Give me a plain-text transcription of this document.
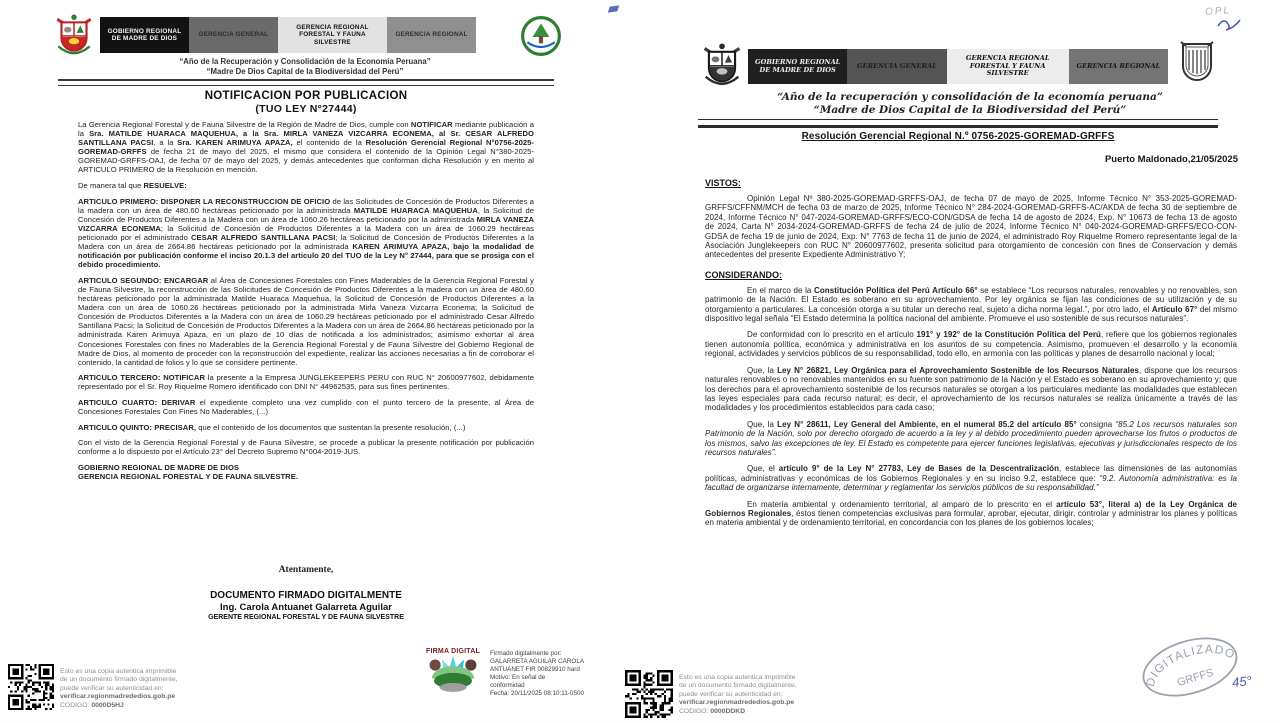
GOBIERNO REGIONAL DE MADRE DE DIOS
GERENCIA GENERAL
GERENCIA REGIONAL FORESTAL Y FAUNA SILVESTRE
GERENCIA REGIONAL
“Año de la Recuperación y Consolidación de la Economía Peruana”
“Madre De Dios Capital de la Biodiversidad del Perú”
NOTIFICACION POR PUBLICACION
(TUO LEY N°27444)

La Gerencia Regional Forestal y de Fauna Silvestre de la Región de Madre de Dios, cumple con NOTIFICAR mediante publicación a la Sra. MATILDE HUARACA MAQUEHUA, a la Sra. MIRLA VANEZA VIZCARRA ECONEMA, al Sr. CESAR ALFREDO SANTILLANA PACSI, a la Sra. KAREN ARIMUYA APAZA, el contenido de la Resolución Gerencial Regional N°0756-2025-GOREMAD-GRFFS de fecha 21 de mayo del 2025, el mismo que considera el contenido de la Opinión Legal N°380-2025-GOREMAD-GRFFS-OAJ, de fecha 07 de mayo del 2025, y demás antecedentes que conforman dicha Resolución y en merito al ARTICULO PRIMERO de la Resolución en mención.

De manera tal que RESUELVE:

ARTICULO PRIMERO: DISPONER LA RECONSTRUCCION DE OFICIO de las Solicitudes de Concesión de Productos Diferentes a la madera con un área de 480.60 hectáreas peticionado por la administrada MATILDE HUARACA MAQUEHUA, la Solicitud de Concesión de Productos Diferentes a la Madera con un área de 1060.26 hectáreas peticionado por la administrada MIRLA VANEZA VIZCARRA ECONEMA; la Solicitud de Concesión de Productos Diferentes a la Madera con un área de 1060.29 hectáreas peticionado por el administrado CESAR ALFREDO SANTILLANA PACSI; la Solicitud de Concesión de Productos Diferentes a la Madera con un área de 2664.86 hectáreas peticionado por la administrada KAREN ARIMUYA APAZA, bajo la modalidad de notificación por publicación conforme el inciso 20.1.3 del articulo 20 del TUO de la Ley N° 27444, para que se prosiga con el debido procedimiento.

ARTICULO SEGUNDO: ENCARGAR al Área de Concesiones Forestales con Fines Maderables de la Gerencia Regional Forestal y de Fauna Silvestre, la reconstrucción de las Solicitudes de Concesión de Productos Diferentes a la madera con un área de 480.60 hectáreas peticionado por la administrada Matilde Huaraca Maquehua, la Solicitud de Concesión de Productos Diferentes a la Madera con un área de 1060.26 hectáreas peticionado por la administrada Mirla Vaneza Vizcarra Econema; la Solicitud de Concesión de Productos Diferentes a la Madera con un área de 1060.29 hectáreas peticionado por el administrado Cesar Alfredo Santillana Pacsi; la Solicitud de Concesión de Productos Diferentes a la Madera con un área de 2664.86 hectáreas peticionado por la administrada Karen Arimuya Apaza, en un plazo de 10 días de notificada a los administrados; asimismo exhortar al área Concesiones Forestales con fines no Maderables de la Gerencia Regional Forestal y de Fauna Silvestre del Gobierno Regional de Madre de Dios, al momento de proceder con la reconstrucción del expediente, realizar las acciones necesarias a fin de corroborar el contenido, la cantidad de folios y lo que se considere pertinente.

ARTICULO TERCERO: NOTIFICAR la presente a la Empresa JUNGLEKEEPERS PERU con RUC N° 20600977602, debidamente representado por el Sr. Roy Riquelme Romero identificado con DNI N° 44962535, para sus fines pertinentes.

ARTICULO CUARTO: DERIVAR el expediente completo una vez cumplido con el punto tercero de la presente, al Área de Concesiones Forestales Con Fines No Maderables, (...)

ARTICULO QUINTO: PRECISAR, que el contenido de los documentos que sustentan la presente resolución, (...)

Con el visto de la Gerencia Regional Forestal y de Fauna Silvestre, se procede a publicar la presente notificación por publicación conforme a lo dispuesto por el Artículo 23° del Decreto Supremo N°004-2019-JUS.

GOBIERNO REGIONAL DE MADRE DE DIOS
GERENCIA REGIONAL FORESTAL Y DE FAUNA SILVESTRE.

Atentamente,
DOCUMENTO FIRMADO DIGITALMENTE
Ing. Carola Antuanet Galarreta Aguilar
GERENTE REGIONAL FORESTAL Y DE FAUNA SILVESTRE
Esto es una copia autentica imprimible
de un documento firmado digitalmente,
puede verificar su autenticidad en:
verificar.regionmadrededios.gob.pe
CODIGO: 0000D5HJ
FIRMA DIGITAL	Firmado digitalmente por:
GALARRETA AGUILAR CAROLA
ANTUANET FIR 00829910 hard
Motivo: En señal de
conformidad
Fecha: 20/11/2025 08:10:11-0500
OPL
GOBIERNO REGIONAL DE MADRE DE DIOS	GERENCIA GENERAL
GERENCIA REGIONAL FORESTAL Y FAUNA SILVESTRE
GERENCIA REGIONAL
“Año de la recuperación y consolidación de la economía peruana”
“Madre de Dios Capital de la Biodiversidad del Perú”
Resolución Gerencial Regional N.º 0756-2025-GOREMAD-GRFFS
Puerto Maldonado,21/05/2025
VISTOS:

Opinión Legal Nº 380-2025-GOREMAD-GRFFS-OAJ, de fecha 07 de mayo de 2025, Informe Técnico N° 353-2025-GOREMAD-GRFFS/CFFNM/MCH de fecha 03 de marzo de 2025, Informe Técnico N° 284-2024-GOREMAD-GRFFS-AC/AKDA de fecha 30 de septiembre de 2024, Informe Técnico N° 047-2024-GOREMAD-GRFFS/ECO-CON/GDSA de fecha 14 de agosto de 2024, Exp. N° 10673 de fecha 13 de agosto de 2024, Carta N° 2034-2024-GOREMAD-GRFFS de fecha 24 de julio de 2024, Informe Técnico N° 040-2024-GOREMAD-GRFFS/ECO-CON-GDSA de fecha 19 de junio de 2024, Exp. N° 7763 de fecha 11 de junio de 2024, el administrado Roy Riquelme Romero representante legal de la Asociación Junglekeepers con RUC N° 20600977602, presenta solicitud para otorgamiento de concesión con fines de Conservacion y demás antecedentes del presente Expediente Administrativo Y;

CONSIDERANDO:

En el marco de la Constitución Política del Perú Artículo 66° se establece “Los recursos naturales, renovables y no renovables, son patrimonio de la Nación. El Estado es soberano en su aprovechamiento. Por ley orgánica se fijan las condiciones de su utilización y de su otorgamiento a particulares. La concesión otorga a su titular un derecho real, sujeto a dicha norma legal.”, por otro lado, el Artículo 67° del mismo dispositivo legal señala “El Estado determina la política nacional del ambiente. Promueve el uso sostenible de sus recursos naturales”.

De conformidad con lo prescrito en el artículo 191° y 192° de la Constitución Política del Perú, refiere que los gobiernos regionales tienen autonomía política, económica y administrativa en los asuntos de su competencia. Asimismo, promueven el desarrollo y la economía regional, actividades y servicios públicos de su responsabilidad, todo ello, en armonía con las políticas y planes de desarrollo nacional y local;

Que, la Ley N° 26821, Ley Orgánica para el Aprovechamiento Sostenible de los Recursos Naturales, dispone que los recursos naturales renovables o no renovables mantenidos en su fuente son patrimonio de la Nación y el Estado es soberano en su aprovechamiento y; que los derechos para el aprovechamiento sostenible de los recursos naturales se otorgan a los particulares mediante las modalidades que establecen las leyes especiales para cada recurso natural; es decir, el aprovechamiento de los recursos naturales se realiza únicamente a través de las modalidades y los procedimientos establecidos para cada caso;

Que, la Ley N° 28611, Ley General del Ambiente, en el numeral 85.2 del artículo 85° consigna “85.2 Los recursos naturales son Patrimonio de la Nación, solo por derecho otorgado de acuerdo a la ley y al debido procedimiento pueden aprovecharse los frutos o productos de los mismos, salvo las excepciones de ley. El Estado es competente para ejercer funciones legislativas, ejecutivas y jurisdiccionales respecto de los recursos naturales”.

Que, el artículo 9° de la Ley N° 27783, Ley de Bases de la Descentralización, establece las dimensiones de las autonomías políticas, administrativas y económicas de los Gobiernos Regionales y en su inciso 9.2, establece que: “9.2. Autonomía administrativa: es la facultad de organizarse internamente, determinar y reglamentar los servicios públicos de su responsabilidad.”

En materia ambiental y ordenamiento territorial, al amparo de lo prescrito en el artículo 53°, literal a) de la Ley Orgánica de Gobiernos Regionales, éstos tienen competencias exclusivas para formular, aprobar, ejecutar, dirigir, controlar y administrar los planes y políticas en materia ambiental y de ordenamiento territorial, en concordancia con los planes de los gobiernos locales;

DIGITALIZADO
GRFFS 45°
Esto es una copia autentica imprimible
de un documento firmado digitalmente,
puede verificar su autenticidad en:
verificar.regionmadrededios.gob.pe
CODIGO: 0000DDKD
